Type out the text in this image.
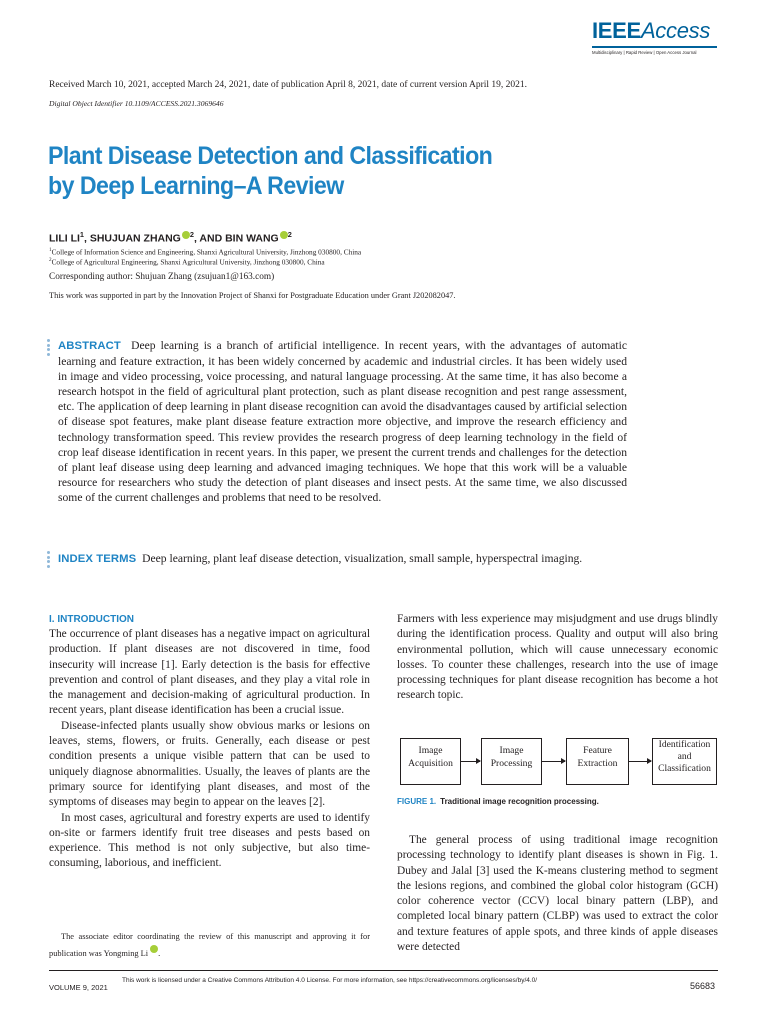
IEEEAccess
Multidisciplinary | Rapid Review | Open Access Journal
Received March 10, 2021, accepted March 24, 2021, date of publication April 8, 2021, date of current version April 19, 2021.
Digital Object Identifier 10.1109/ACCESS.2021.3069646
Plant Disease Detection and Classification
by Deep Learning–A Review
LILI $LI^1$, SHUJUAN ZHANG $^2$, AND BIN WANG $^2$
$^1$College of Information Science and Engineering, Shanxi Agricultural University, Jinzhong 030800, China
$^2$College of Agricultural Engineering, Shanxi Agricultural University, Jinzhong 030800, China
Corresponding author: Shujuan Zhang (zsujuan1@163.com)
This work was supported in part by the Innovation Project of Shanxi for Postgraduate Education under Grant J202082047.
ABSTRACT Deep learning is a branch of artificial intelligence. In recent years, with the advantages of automatic learning and feature extraction, it has been widely concerned by academic and industrial circles. It has been widely used in image and video processing, voice processing, and natural language processing. At the same time, it has also become a research hotspot in the field of agricultural plant protection, such as plant disease recognition and pest range assessment, etc. The application of deep learning in plant disease recognition can avoid the disadvantages caused by artificial selection of disease spot features, make plant disease feature extraction more objective, and improve the research efficiency and technology transformation speed. This review provides the research progress of deep learning technology in the field of crop leaf disease identification in recent years. In this paper, we present the current trends and challenges for the detection of plant leaf disease using deep learning and advanced imaging techniques. We hope that this work will be a valuable resource for researchers who study the detection of plant diseases and insect pests. At the same time, we also discussed some of the current challenges and problems that need to be resolved.
INDEX TERMS Deep learning, plant leaf disease detection, visualization, small sample, hyperspectral imaging.
I. INTRODUCTION

The occurrence of plant diseases has a negative impact on agricultural production. If plant diseases are not discovered in time, food insecurity will increase [1]. Early detection is the basis for effective prevention and control of plant diseases, and they play a vital role in the management and decision-making of agricultural production. In recent years, plant disease identification has been a crucial issue.

Disease-infected plants usually show obvious marks or lesions on leaves, stems, flowers, or fruits. Generally, each disease or pest condition presents a unique visible pattern that can be used to uniquely diagnose abnormalities. Usually, the leaves of plants are the primary source for identifying plant diseases, and most of the symptoms of diseases may begin to appear on the leaves [2].

In most cases, agricultural and forestry experts are used to identify on-site or farmers identify fruit tree diseases and pests based on experience. This method is not only subjective, but also time-consuming, laborious, and inefficient.

The associate editor coordinating the review of this manuscript and approving it for publication was Yongming Li .

Farmers with less experience may misjudgment and use drugs blindly during the identification process. Quality and output will also bring environmental pollution, which will cause unnecessary economic losses. To counter these challenges, research into the use of image processing techniques for plant disease recognition has become a hot research topic.

Image
Acquisition
Image
Processing
Feature
Extraction
Identification
and
Classification
FIGURE 1. Traditional image recognition processing.

The general process of using traditional image recognition processing technology to identify plant diseases is shown in Fig. 1. Dubey and Jalal [3] used the K-means clustering method to segment the lesions regions, and combined the global color histogram (GCH) color coherence vector (CCV) local binary pattern (LBP), and completed local binary pattern (CLBP) was used to extract the color and texture features of apple spots, and three kinds of apple diseases were detected

VOLUME 9, 2021
This work is licensed under a Creative Commons Attribution 4.0 License. For more information, see https://creativecommons.org/licenses/by/4.0/
56683
